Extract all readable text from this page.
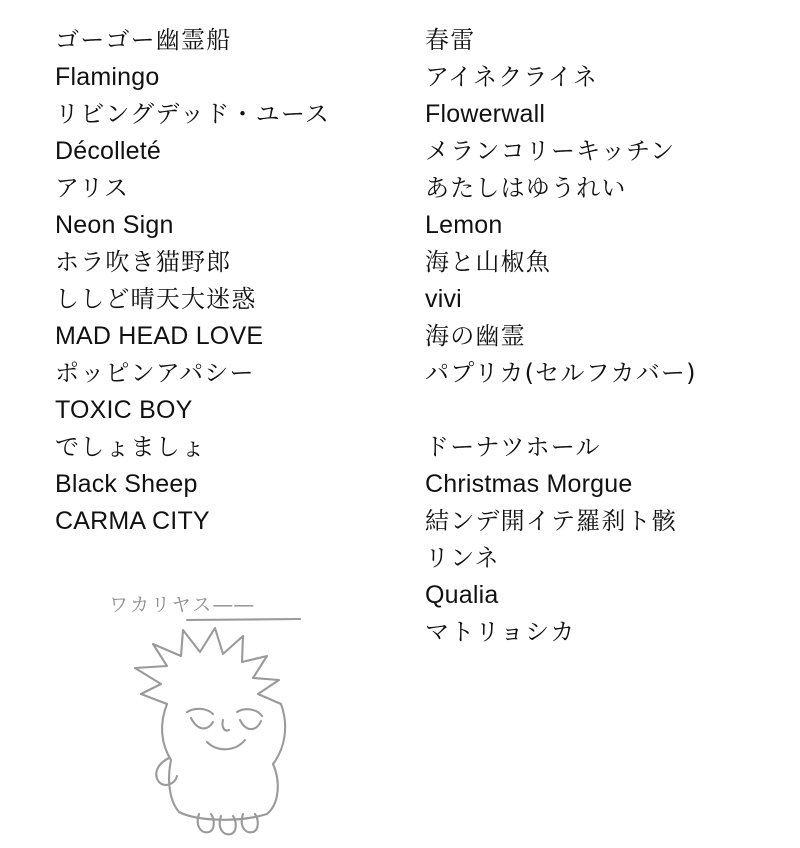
ゴーゴー幽霊船
Flamingo
リビングデッド・ユース
Décolleté
アリス
Neon Sign
ホラ吹き猫野郎
ししど晴天大迷惑
MAD HEAD LOVE
ポッピンアパシー
TOXIC BOY
でしょましょ
Black Sheep
CARMA CITY
春雷
アイネクライネ
Flowerwall
メランコリーキッチン
あたしはゆうれい
Lemon
海と山椒魚
vivi
海の幽霊
パプリカ(セルフカバー)
ドーナツホール
Christmas Morgue
結ンデ開イテ羅刹ト骸
リンネ
Qualia
マトリョシカ
ワカリヤス――
